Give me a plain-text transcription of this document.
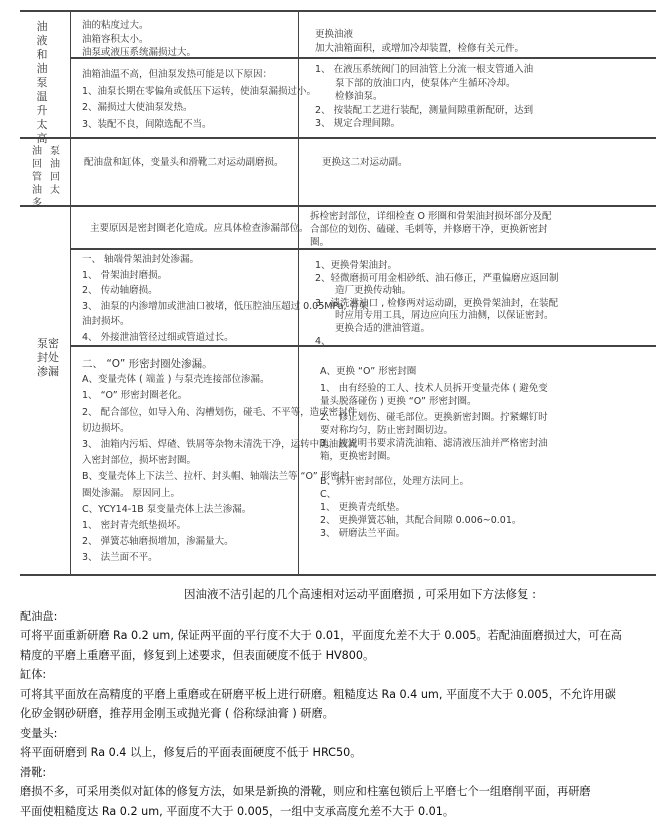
油
液
和
油
泵
温
升
太
高

油的粘度过大。

油箱容积太小。

油泵或液压系统漏损过大。

更换油液

加大油箱面积，或增加冷却装置，检修有关元件。

油箱油温不高，但油泵发热可能是以下原因：

1、油泵长期在零偏角或低压下运转，使油泵漏损过小。

2、漏损过大使油泵发热。

3、装配不良，间隙选配不当。

1、 在液压系统阀门的回油管上分流一根支管通入油

泵下部的放油口内，使泵体产生循环冷却。

检修油泵。

2、 按装配工艺进行装配，测量间隙重新配研，达到

3、 规定合理间隙。

油
回
管
油
多
泵
油
回
太

配油盘和缸体，变量头和滑靴二对运动副磨损。	更换这二对运动副。

泵密
封处
渗漏

主要原因是密封圈老化造成。应具体检查渗漏部位。

拆检密封部位，详细检查 O 形圈和骨架油封损坏部分及配

合部位的划伤、磕碰、毛刺等，并修磨干净，更换新密封

圈。

一、 轴端骨架油封处渗漏。

1、 骨架油封磨损。

2、 传动轴磨损。

3、 油泵的内渗增加或泄油口被堵，低压腔油压超过 0.05MPa, 骨架

油封损坏。

4、 外接泄油管径过细或管道过长。

1、更换骨架油封。

2、轻微磨损可用金相砂纸、油石修正，严重偏磨应返回制

造厂更换传动轴。

3、清洗泄油口 , 检修两对运动副，更换骨架油封，在装配

时应用专用工具，屑边应向压力油侧，以保证密封。

更换合适的泄油管道。

4、

二、 “O” 形密封圈处渗漏。

A、变量壳体 ( 端盖 ) 与泵壳连接部位渗漏。

1、 “O” 形密封圈老化。

2、 配合部位，如导入角、沟槽划伤，碰毛、不平等，造成密封件

切边损坏。

3、 油箱内污垢、焊碴、铁屑等杂物未清洗干净，运转中随油液流

入密封部位，损坏密封圈。

B、变量壳体上下法兰、拉杆、封头帽、轴端法兰等 “O” 形密封

圈处渗漏。 原因同上。

C、YCY14-1B 泵变量壳体上法兰渗漏。

1、 密封青壳纸垫损坏。

2、 弹簧芯轴磨损增加，渗漏量大。

3、 法兰面不平。

A、更换 “O” 形密封圈

1、 由有经验的工人、技术人员拆开变量壳体 ( 避免变

量头脱落碰伤 ) 更换 “O” 形密封圈。

2、 修正划伤、碰毛部位。更换新密封圈。拧紧螺钉时

要对称均匀，防止密封圈切边。

3、 按说明书要求清洗油箱、滤清液压油并严格密封油

箱，更换密封圈。

B、拆开密封部位，处理方法同上。

C、

1、 更换青壳纸垫。

2、 更换弹簧芯轴，其配合间隙 0.006~0.01。

3、 研磨法兰平面。

因油液不洁引起的几个高速相对运动平面磨损 , 可采用如下方法修复 :

配油盘:

可将平面重新研磨 Ra 0.2 um, 保证两平面的平行度不大于 0.01，平面度允差不大于 0.005。若配油面磨损过大，可在高

精度的平磨上重磨平面，修复到上述要求，但表面硬度不低于 HV800。

缸体:

可将其平面放在高精度的平磨上重磨或在研磨平板上进行研磨。粗糙度达 Ra 0.4 um, 平面度不大于 0.005，不允许用碳

化矽金钢砂研磨，推荐用金刚玉或抛光膏 ( 俗称绿油膏 ) 研磨。

变量头:

将平面研磨到 Ra 0.4 以上，修复后的平面表面硬度不低于 HRC50。

滑靴:

磨损不多，可采用类似对缸体的修复方法，如果是新换的滑靴，则应和柱塞包锁后上平磨七个一组磨削平面，再研磨

平面使粗糙度达 Ra 0.2 um, 平面度不大于 0.005，一组中支承高度允差不大于 0.01。
